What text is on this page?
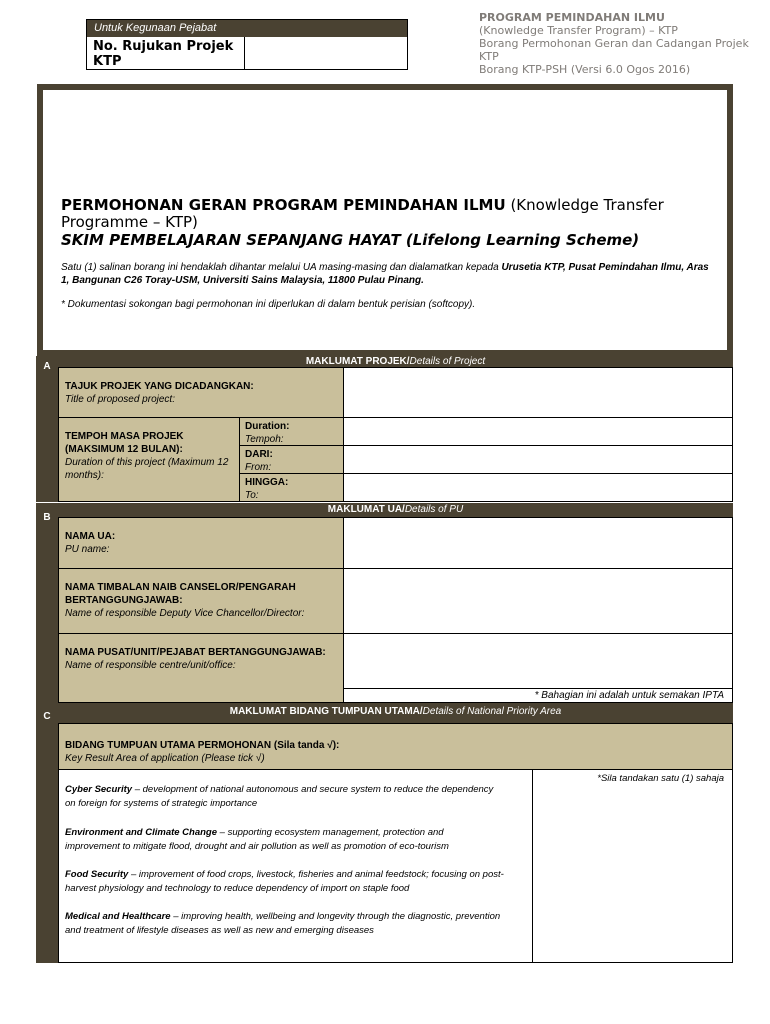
Untuk Kegunaan Pejabat
No. Rujukan Projek KTP
PROGRAM PEMINDAHAN ILMU
(Knowledge Transfer Program) – KTP
Borang Permohonan Geran dan Cadangan Projek KTP
Borang KTP-PSH (Versi 6.0 Ogos 2016)
PERMOHONAN GERAN PROGRAM PEMINDAHAN ILMU (Knowledge Transfer Programme – KTP)
SKIM PEMBELAJARAN SEPANJANG HAYAT (Lifelong Learning Scheme)
Satu (1) salinan borang ini hendaklah dihantar melalui UA masing-masing dan dialamatkan kepada Urusetia KTP, Pusat Pemindahan Ilmu, Aras 1, Bangunan C26 Toray-USM, Universiti Sains Malaysia, 11800 Pulau Pinang.
* Dokumentasi sokongan bagi permohonan ini diperlukan di dalam bentuk perisian (softcopy).
A	MAKLUMAT PROJEK/Details of Project
TAJUK PROJEK YANG DICADANGKAN:
Title of proposed project:
TEMPOH MASA PROJEK (MAKSIMUM 12 BULAN):
Duration of this project (Maximum 12 months):
Duration:
Tempoh:
DARI:
From:
HINGGA:
To:
B
MAKLUMAT UA/Details of PU
NAMA UA:
PU name:
NAMA TIMBALAN NAIB CANSELOR/PENGARAH BERTANGGUNGJAWAB:
Name of responsible Deputy Vice Chancellor/Director:
NAMA PUSAT/UNIT/PEJABAT BERTANGGUNGJAWAB:
Name of responsible centre/unit/office:
* Bahagian ini adalah untuk semakan IPTA
C	MAKLUMAT BIDANG TUMPUAN UTAMA/Details of National Priority Area
BIDANG TUMPUAN UTAMA PERMOHONAN (Sila tanda √):
Key Result Area of application (Please tick √)
Cyber Security – development of national autonomous and secure system to reduce the dependency on foreign for systems of strategic importance
Environment and Climate Change – supporting ecosystem management, protection and improvement to mitigate flood, drought and air pollution as well as promotion of eco-tourism
Food Security – improvement of food crops, livestock, fisheries and animal feedstock; focusing on post-harvest physiology and technology to reduce dependency of import on staple food
Medical and Healthcare – improving health, wellbeing and longevity through the diagnostic, prevention and treatment of lifestyle diseases as well as new and emerging diseases
*Sila tandakan satu (1) sahaja
